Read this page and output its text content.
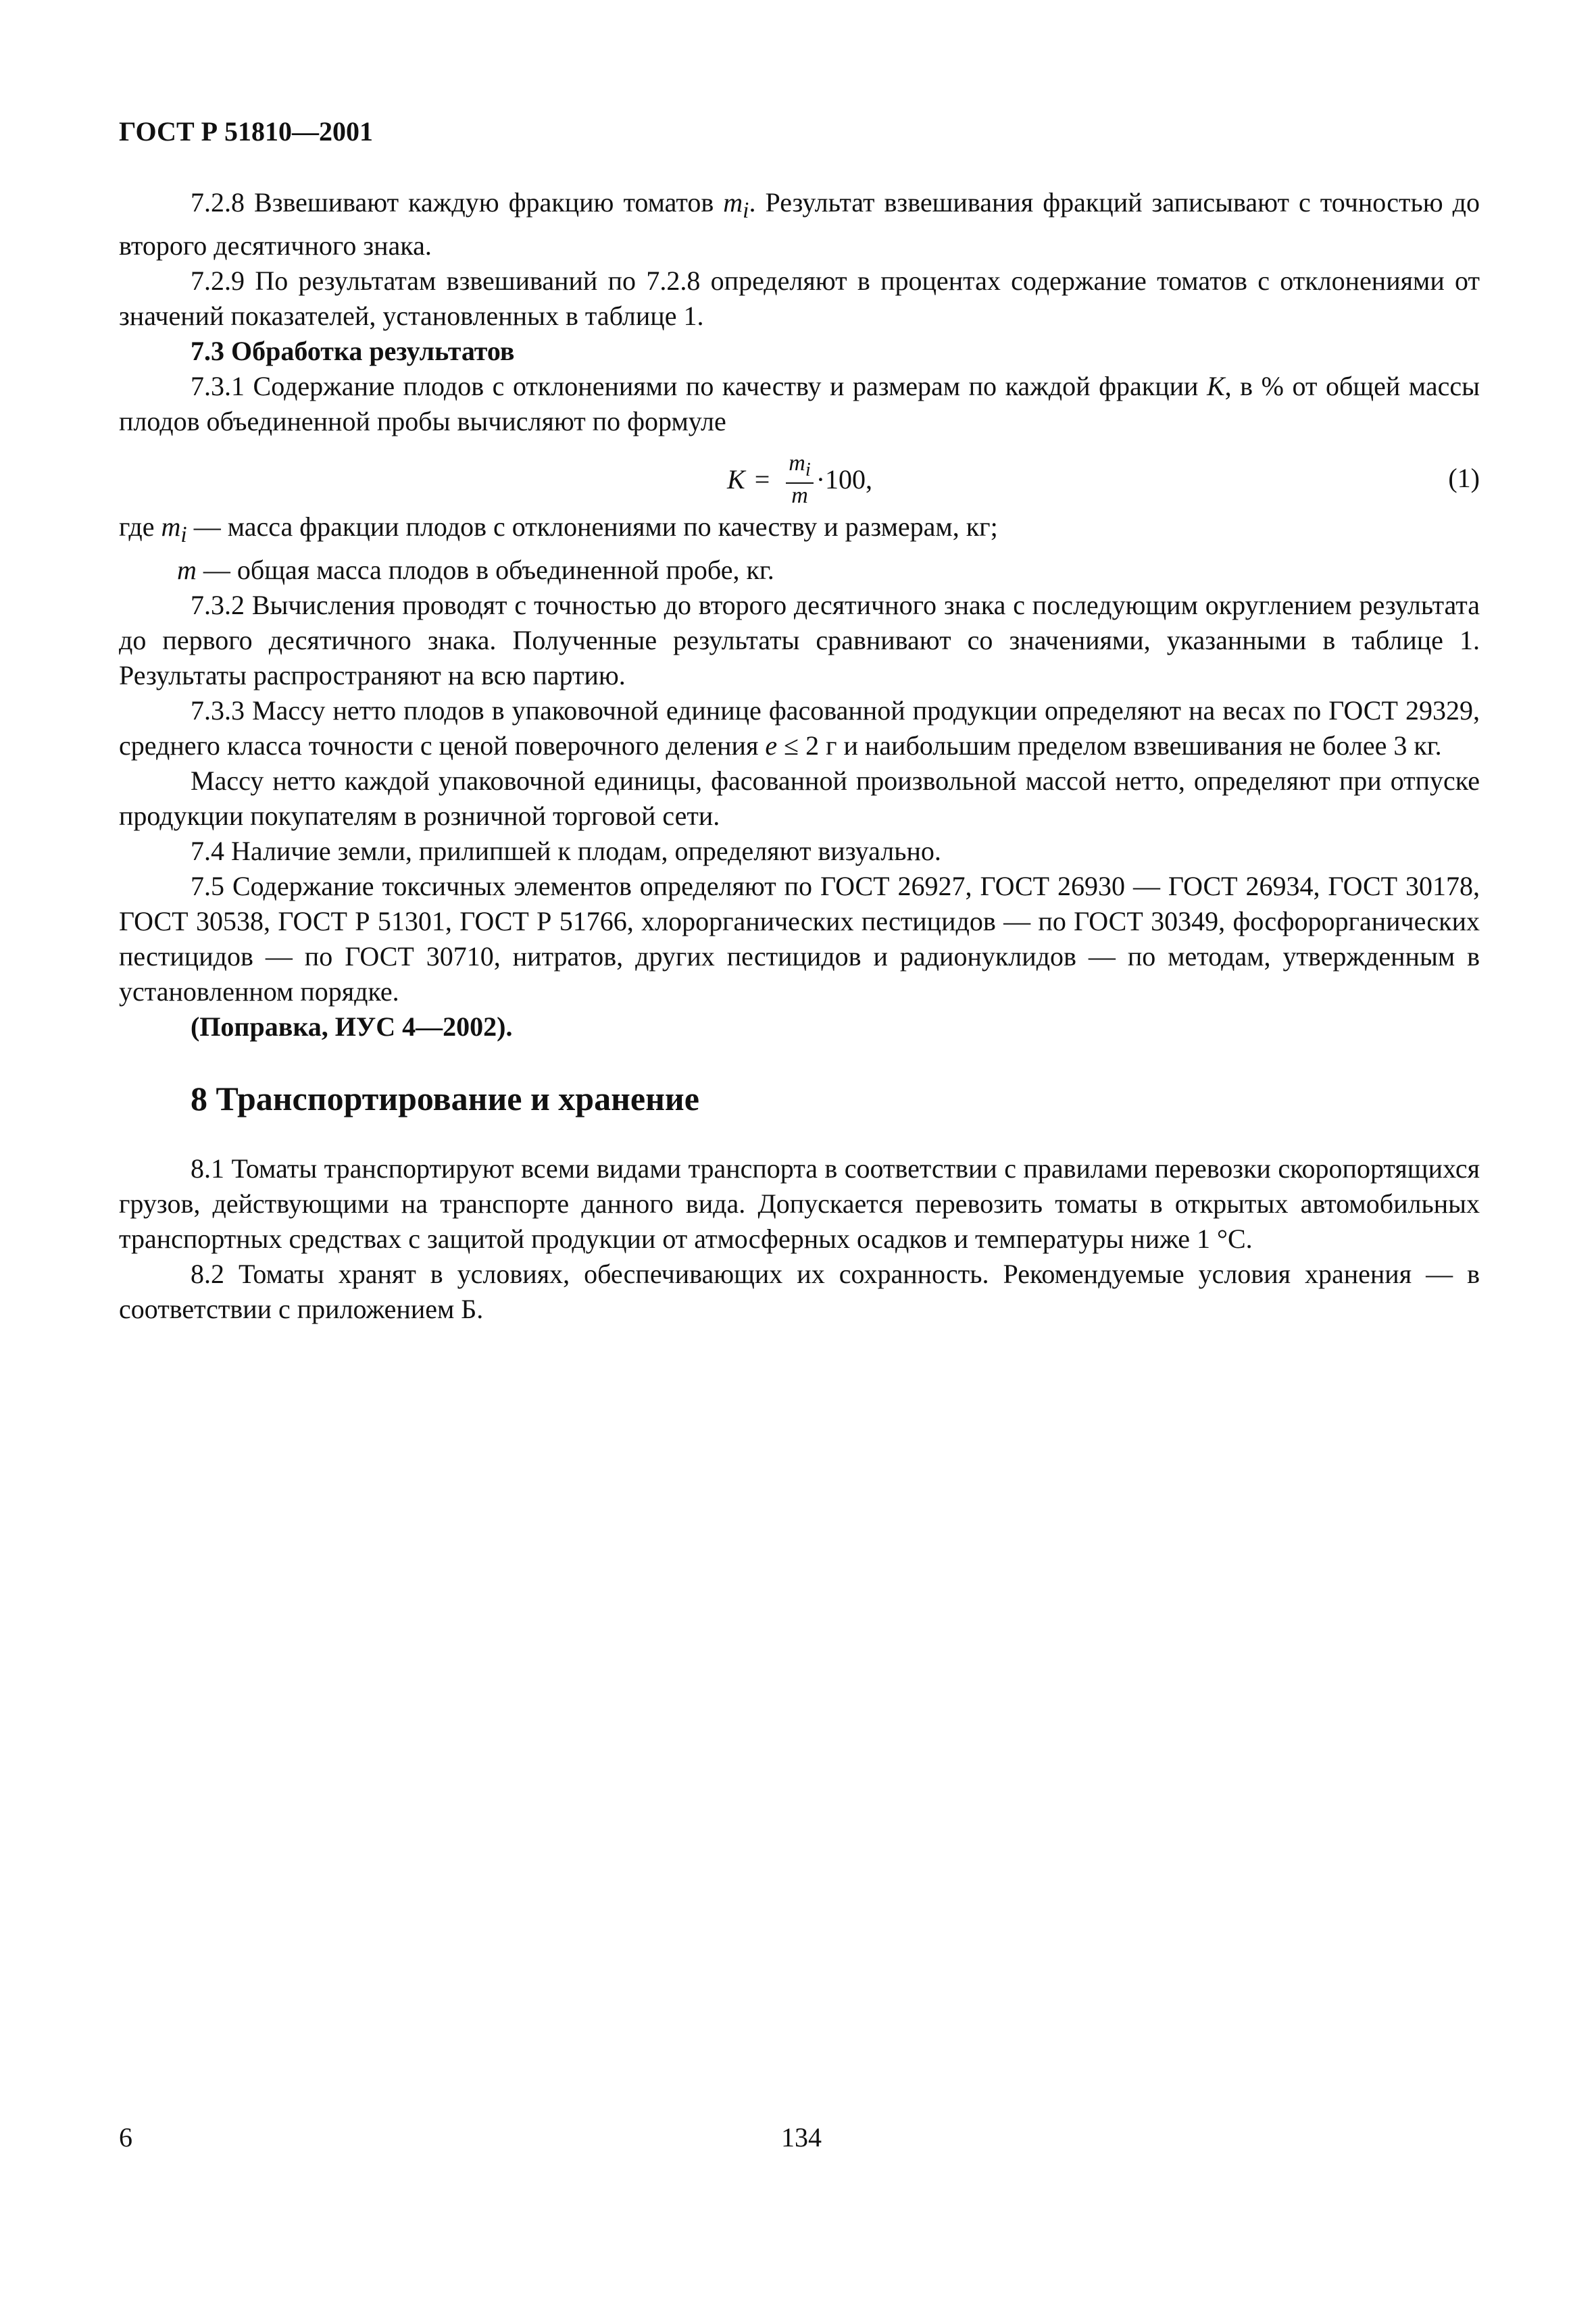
ГОСТ Р 51810—2001

7.2.8 Взвешивают каждую фракцию томатов $m_i$. Результат взвешивания фракций записывают с точностью до второго десятичного знака.

7.2.9 По результатам взвешиваний по 7.2.8 определяют в процентах содержание томатов с отклонениями от значений показателей, установленных в таблице 1.

7.3 Обработка результатов

7.3.1 Содержание плодов с отклонениями по качеству и размерам по каждой фракции K, в % от общей массы плодов объединенной пробы вычисляют по формуле

$K = \frac{m_i}{m} \cdot 100$,	(1)
где $m_i$ — масса фракции плодов с отклонениями по качеству и размерам, кг;
m — общая масса плодов в объединенной пробе, кг.

7.3.2 Вычисления проводят с точностью до второго десятичного знака с последующим округлением результата до первого десятичного знака. Полученные результаты сравнивают со значениями, указанными в таблице 1. Результаты распространяют на всю партию.

7.3.3 Массу нетто плодов в упаковочной единице фасованной продукции определяют на весах по ГОСТ 29329, среднего класса точности с ценой поверочного деления e ≤ 2 г и наибольшим пределом взвешивания не более 3 кг.

Массу нетто каждой упаковочной единицы, фасованной произвольной массой нетто, определяют при отпуске продукции покупателям в розничной торговой сети.

7.4 Наличие земли, прилипшей к плодам, определяют визуально.

7.5 Содержание токсичных элементов определяют по ГОСТ 26927, ГОСТ 26930 — ГОСТ 26934, ГОСТ 30178, ГОСТ 30538, ГОСТ Р 51301, ГОСТ Р 51766, хлорорганических пестицидов — по ГОСТ 30349, фосфорорганических пестицидов — по ГОСТ 30710, нитратов, других пестицидов и радионуклидов — по методам, утвержденным в установленном порядке.

(Поправка, ИУС 4—2002).
8 Транспортирование и хранение

8.1 Томаты транспортируют всеми видами транспорта в соответствии с правилами перевозки скоропортящихся грузов, действующими на транспорте данного вида. Допускается перевозить томаты в открытых автомобильных транспортных средствах с защитой продукции от атмосферных осадков и температуры ниже 1 °С.

8.2 Томаты хранят в условиях, обеспечивающих их сохранность. Рекомендуемые условия хранения — в соответствии с приложением Б.

6	134
